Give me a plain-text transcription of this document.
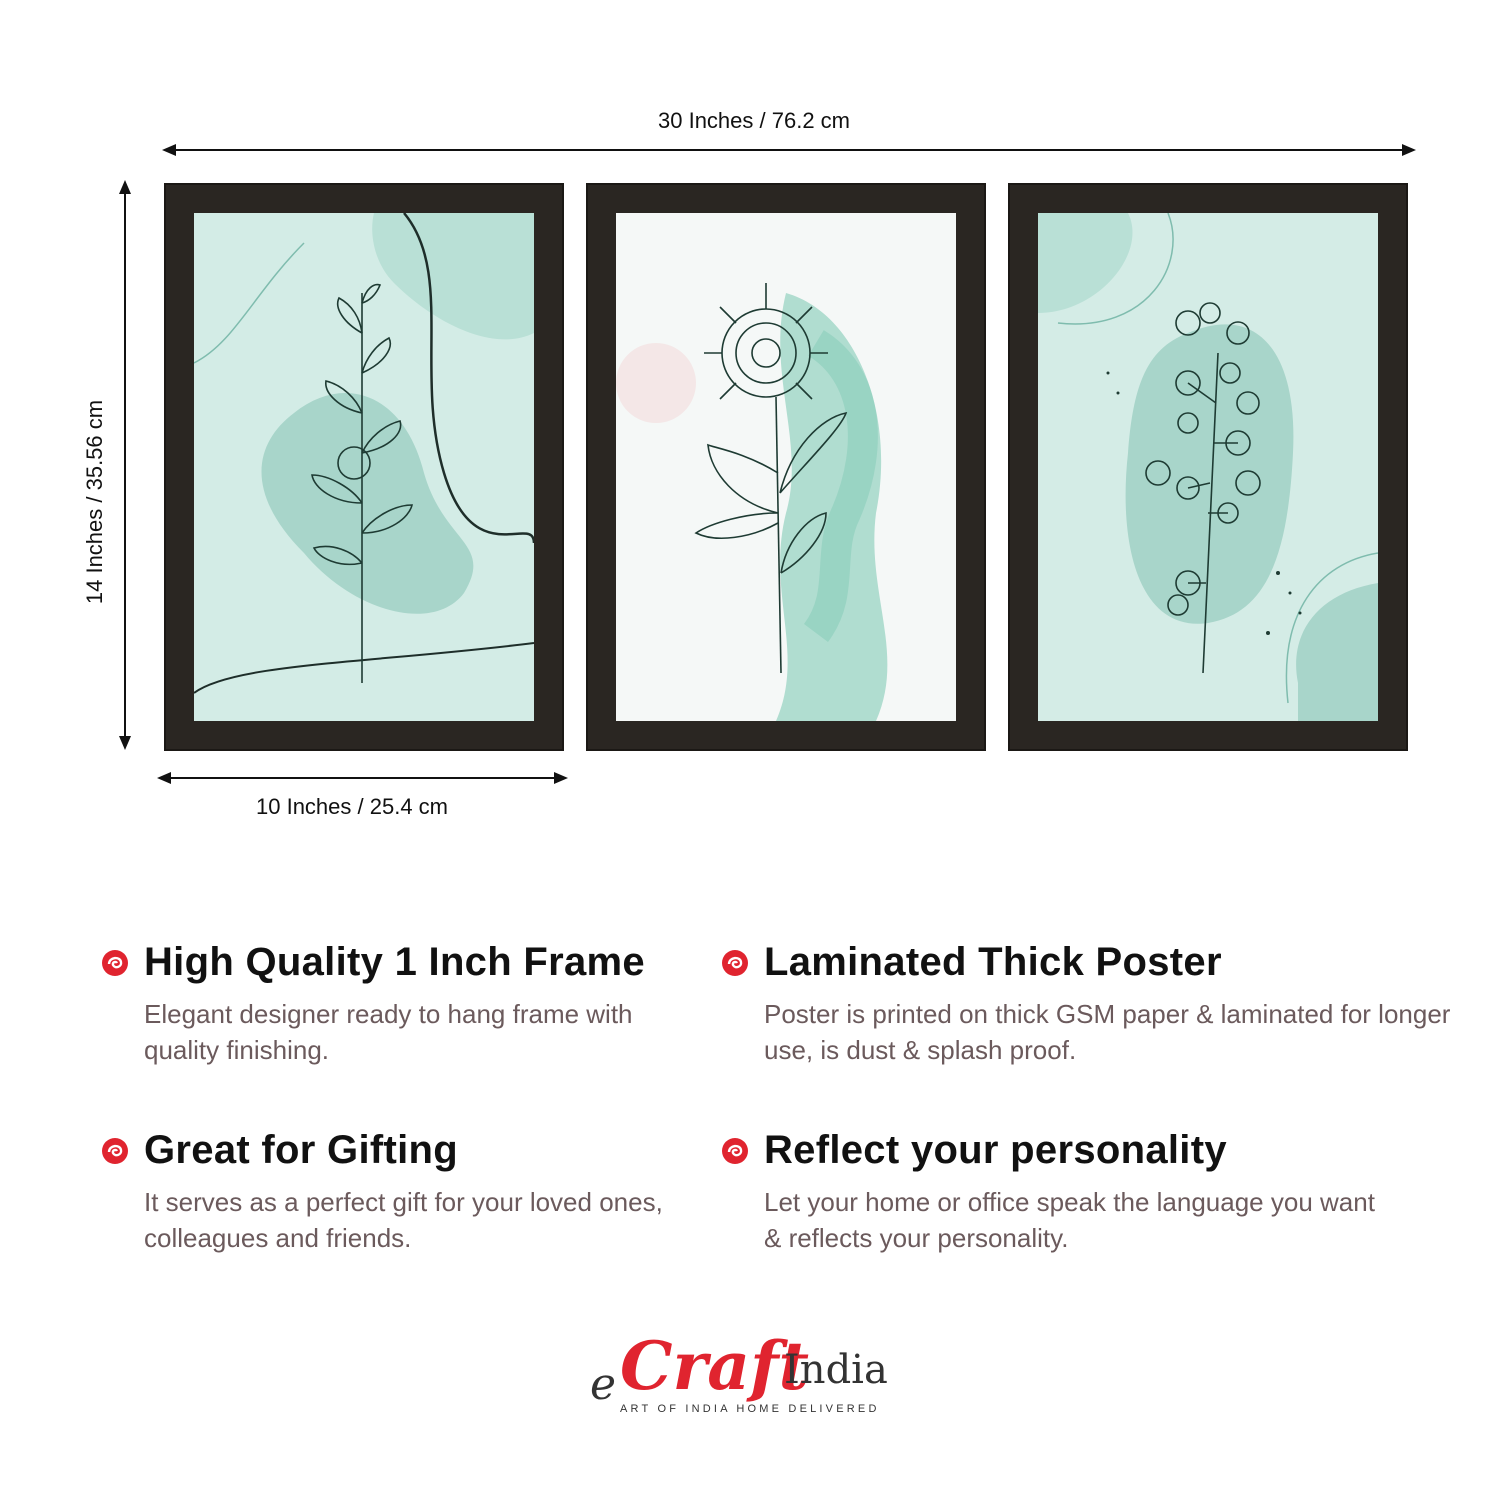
30 Inches / 76.2 cm
14 Inches / 35.56 cm
10 Inches / 25.4 cm
High Quality 1 Inch Frame
Elegant designer ready to hang frame with quality finishing.
Laminated Thick Poster
Poster is printed on thick GSM paper & laminated for longer use, is dust & splash proof.
Great for Gifting
It serves as a perfect gift for your loved ones, colleagues and friends.
Reflect your personality
Let your home or office speak the language you want & reflects your personality.
e Craft
India
ART OF INDIA HOME DELIVERED
